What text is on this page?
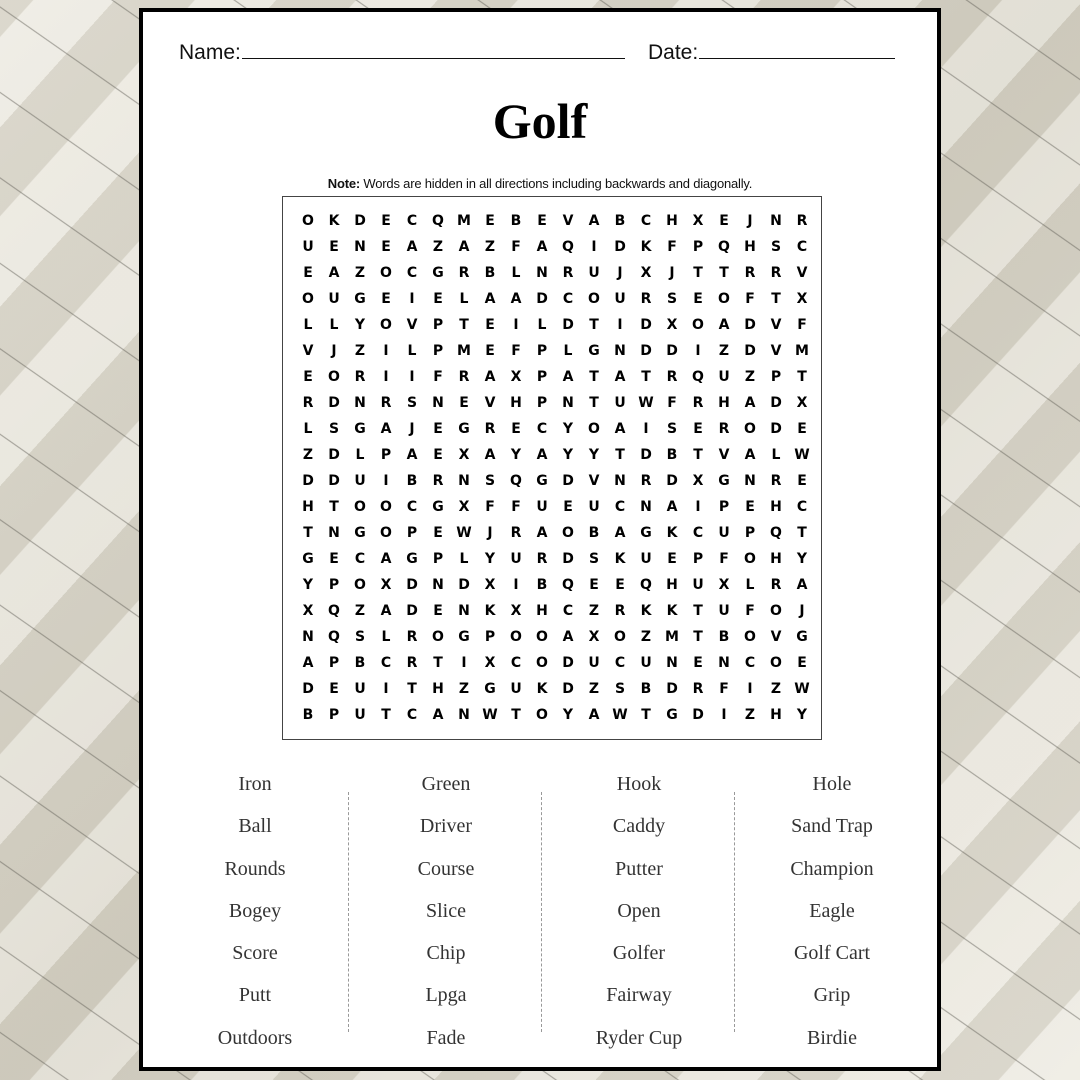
Name:	Date:
Golf
Note: Words are hidden in all directions including backwards and diagonally.
O	K	D	E	C	Q M	E	B	E	V	A	B	C	H	X	E	J	N	R
U	E	N	E	A	Z	A	Z	F	A	Q	I	D	K	F	P	Q	H	S	C
E	A	Z	O	C	G	R	B	L	N	R	U	J	X	J	T	T	R	R	V
O	U	G	E	I	E	L	A	A	D	C	O	U	R	S	E	O	F	T	X
L	L	Y	O	V	P	T	E	I	L	D	T	I	D	X	O	A	D	V	F
V	J	Z	I	L	P M	E	F	P	L	G	N	D	D	I	Z	D	V M
E	O	R	I	I	F	R	A	X	P	A	T	A	T	R	Q	U	Z	P	T
R	D	N	R	S	N	E	V	H	P	N	T	U W F	R	H	A	D	X
L	S	G	A	J	E	G	R	E	C	Y	O	A	I	S	E	R	O	D	E
Z	D	L	P	A	E	X	A	Y	A	Y	Y	T	D	B	T	V	A	L W
D	D	U	I	B	R	N	S	Q	G	D	V	N	R	D	X	G	N	R	E
H	T	O	O	C	G	X	F	F	U	E	U	C	N	A	I	P	E	H	C
T	N	G	O	P	E W	J	R	A	O	B	A	G	K	C	U	P	Q	T
G	E	C	A	G	P	L	Y	U	R	D	S	K	U	E	P	F	O	H	Y
Y	P	O	X	D	N	D	X	I	B	Q	E	E	Q	H	U	X	L	R	A
X	Q	Z	A	D	E	N	K	X	H	C	Z	R	K	K	T	U	F	O	J
N	Q	S	L	R	O	G	P	O	O	A	X	O	Z M	T	B	O	V	G
A	P	B	C	R	T	I	X	C	O	D	U	C	U	N	E	N	C	O	E
D	E	U	I	T	H	Z	G	U	K	D	Z	S	B	D	R	F	I	Z W
B	P	U	T	C	A	N W T	O	Y	A W T	G	D	I	Z	H	Y
Iron
Ball
Rounds
Bogey
Score
Putt
Outdoors
Green
Driver
Course
Slice
Chip
Lpga
Fade
Hook
Caddy
Putter
Open
Golfer
Fairway
Ryder Cup
Hole
Sand Trap
Champion
Eagle
Golf Cart
Grip
Birdie
